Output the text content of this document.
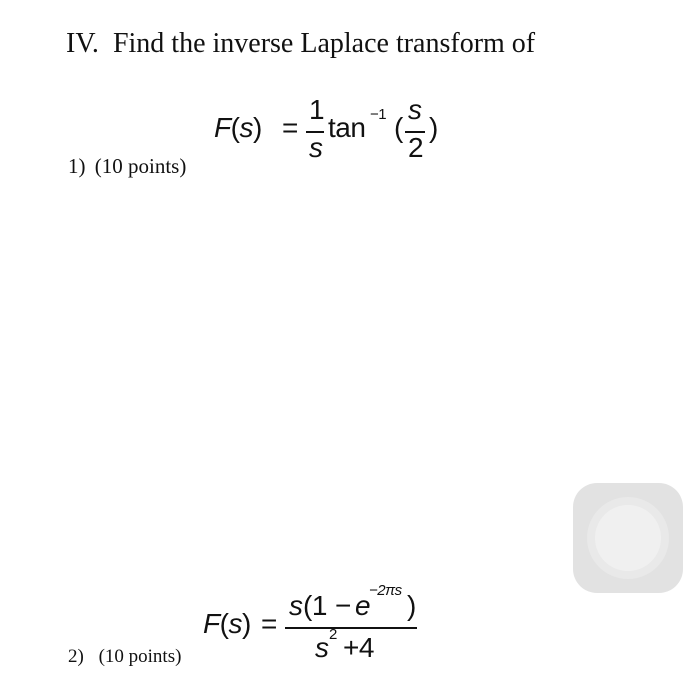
IV. Find the inverse Laplace transform of
1) (10 points)
F(s) =
1
s
tan −1 (
s
2
)
F(s) =
s (1 − e
−2πs )
s 2 +4
2) (10 points)
